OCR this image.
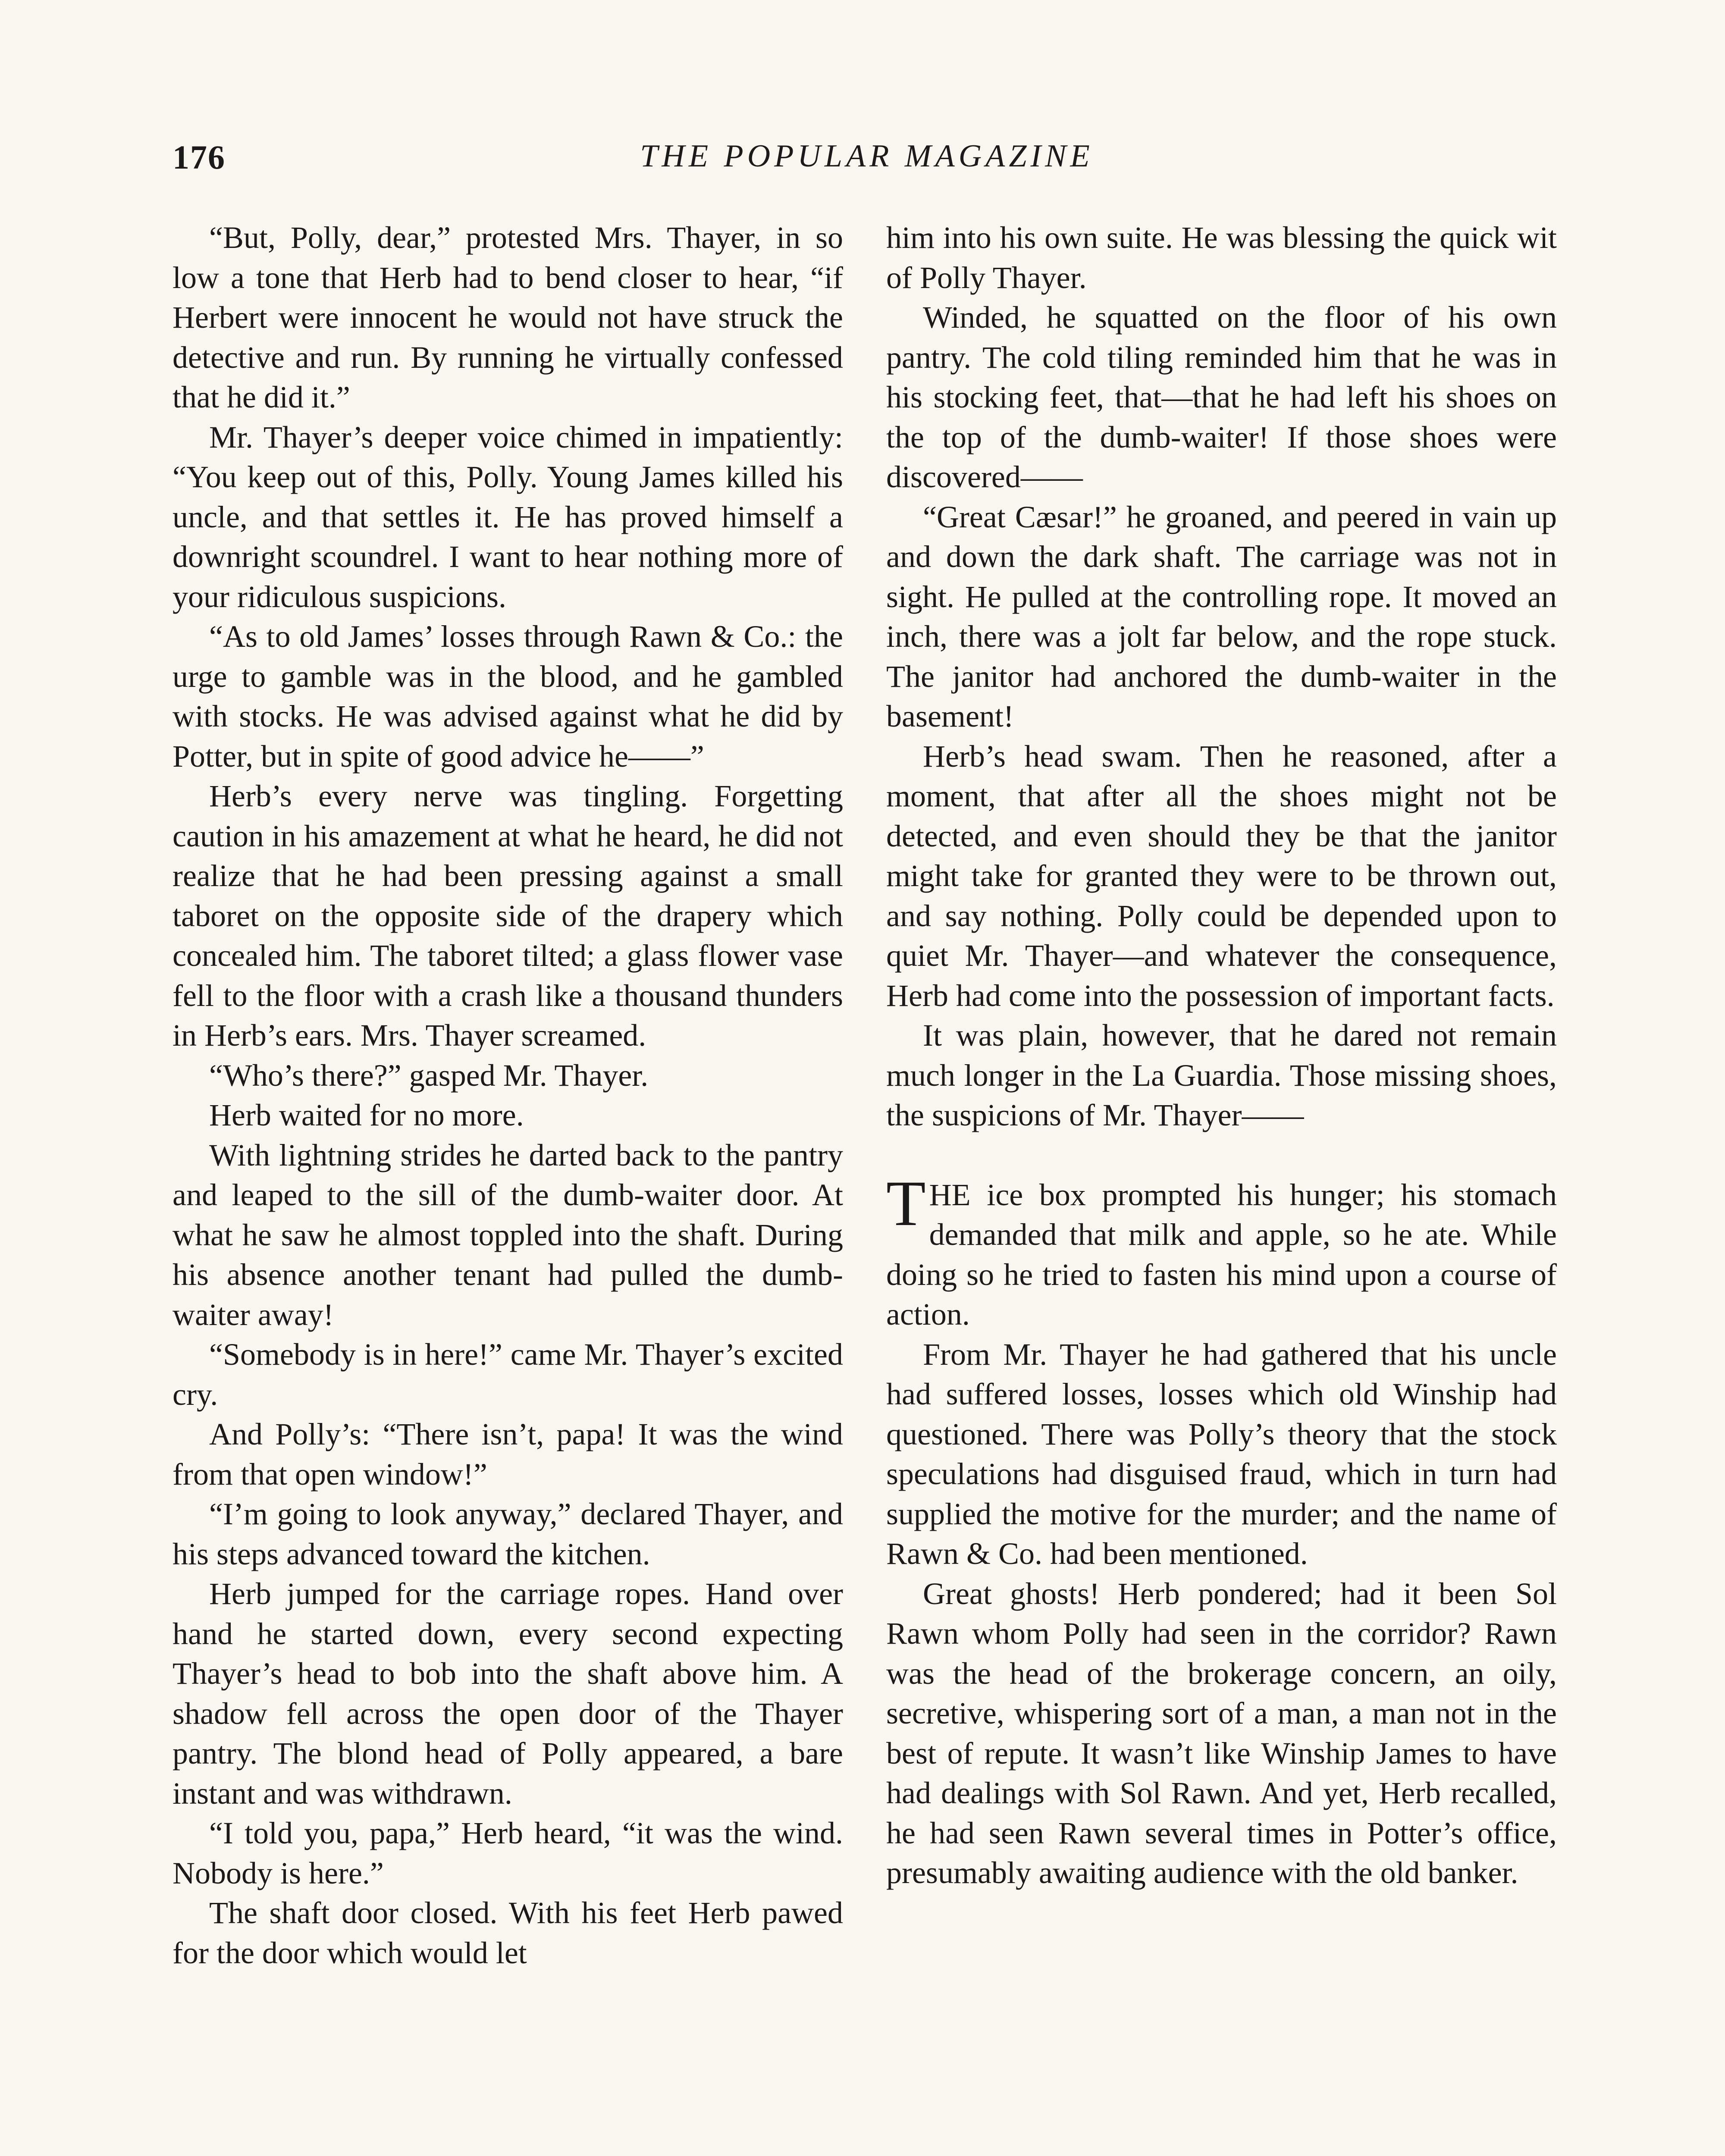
176	THE POPULAR MAGAZINE

“But, Polly, dear,” protested Mrs. Thayer, in so low a tone that Herb had to bend closer to hear, “if Herbert were innocent he would not have struck the detective and run. By running he virtually confessed that he did it.”

Mr. Thayer’s deeper voice chimed in impatiently: “You keep out of this, Polly. Young James killed his uncle, and that settles it. He has proved himself a downright scoundrel. I want to hear nothing more of your ridiculous suspicions.

“As to old James’ losses through Rawn & Co.: the urge to gamble was in the blood, and he gambled with stocks. He was advised against what he did by Potter, but in spite of good advice he——”

Herb’s every nerve was tingling. Forgetting caution in his amazement at what he heard, he did not realize that he had been pressing against a small taboret on the opposite side of the drapery which concealed him. The taboret tilted; a glass flower vase fell to the floor with a crash like a thousand thunders in Herb’s ears. Mrs. Thayer screamed.

“Who’s there?” gasped Mr. Thayer.

Herb waited for no more.

With lightning strides he darted back to the pantry and leaped to the sill of the dumb-waiter door. At what he saw he almost toppled into the shaft. During his absence another tenant had pulled the dumb-waiter away!

“Somebody is in here!” came Mr. Thayer’s excited cry.

And Polly’s: “There isn’t, papa! It was the wind from that open window!”

“I’m going to look anyway,” declared Thayer, and his steps advanced toward the kitchen.

Herb jumped for the carriage ropes. Hand over hand he started down, every second expecting Thayer’s head to bob into the shaft above him. A shadow fell across the open door of the Thayer pantry. The blond head of Polly appeared, a bare instant and was withdrawn.

“I told you, papa,” Herb heard, “it was the wind. Nobody is here.”

The shaft door closed. With his feet Herb pawed for the door which would let

him into his own suite. He was blessing the quick wit of Polly Thayer.

Winded, he squatted on the floor of his own pantry. The cold tiling reminded him that he was in his stocking feet, that—that he had left his shoes on the top of the dumb-waiter! If those shoes were discovered——

“Great Cæsar!” he groaned, and peered in vain up and down the dark shaft. The carriage was not in sight. He pulled at the controlling rope. It moved an inch, there was a jolt far below, and the rope stuck. The janitor had anchored the dumb-waiter in the basement!

Herb’s head swam. Then he reasoned, after a moment, that after all the shoes might not be detected, and even should they be that the janitor might take for granted they were to be thrown out, and say nothing. Polly could be depended upon to quiet Mr. Thayer—and whatever the consequence, Herb had come into the possession of important facts.

It was plain, however, that he dared not remain much longer in the La Guardia. Those missing shoes, the suspicions of Mr. Thayer——

THE ice box prompted his hunger; his stomach demanded that milk and apple, so he ate. While doing so he tried to fasten his mind upon a course of action.

From Mr. Thayer he had gathered that his uncle had suffered losses, losses which old Winship had questioned. There was Polly’s theory that the stock speculations had disguised fraud, which in turn had supplied the motive for the murder; and the name of Rawn & Co. had been mentioned.

Great ghosts! Herb pondered; had it been Sol Rawn whom Polly had seen in the corridor? Rawn was the head of the brokerage concern, an oily, secretive, whispering sort of a man, a man not in the best of repute. It wasn’t like Winship James to have had dealings with Sol Rawn. And yet, Herb recalled, he had seen Rawn several times in Potter’s office, presumably awaiting audience with the old banker.
